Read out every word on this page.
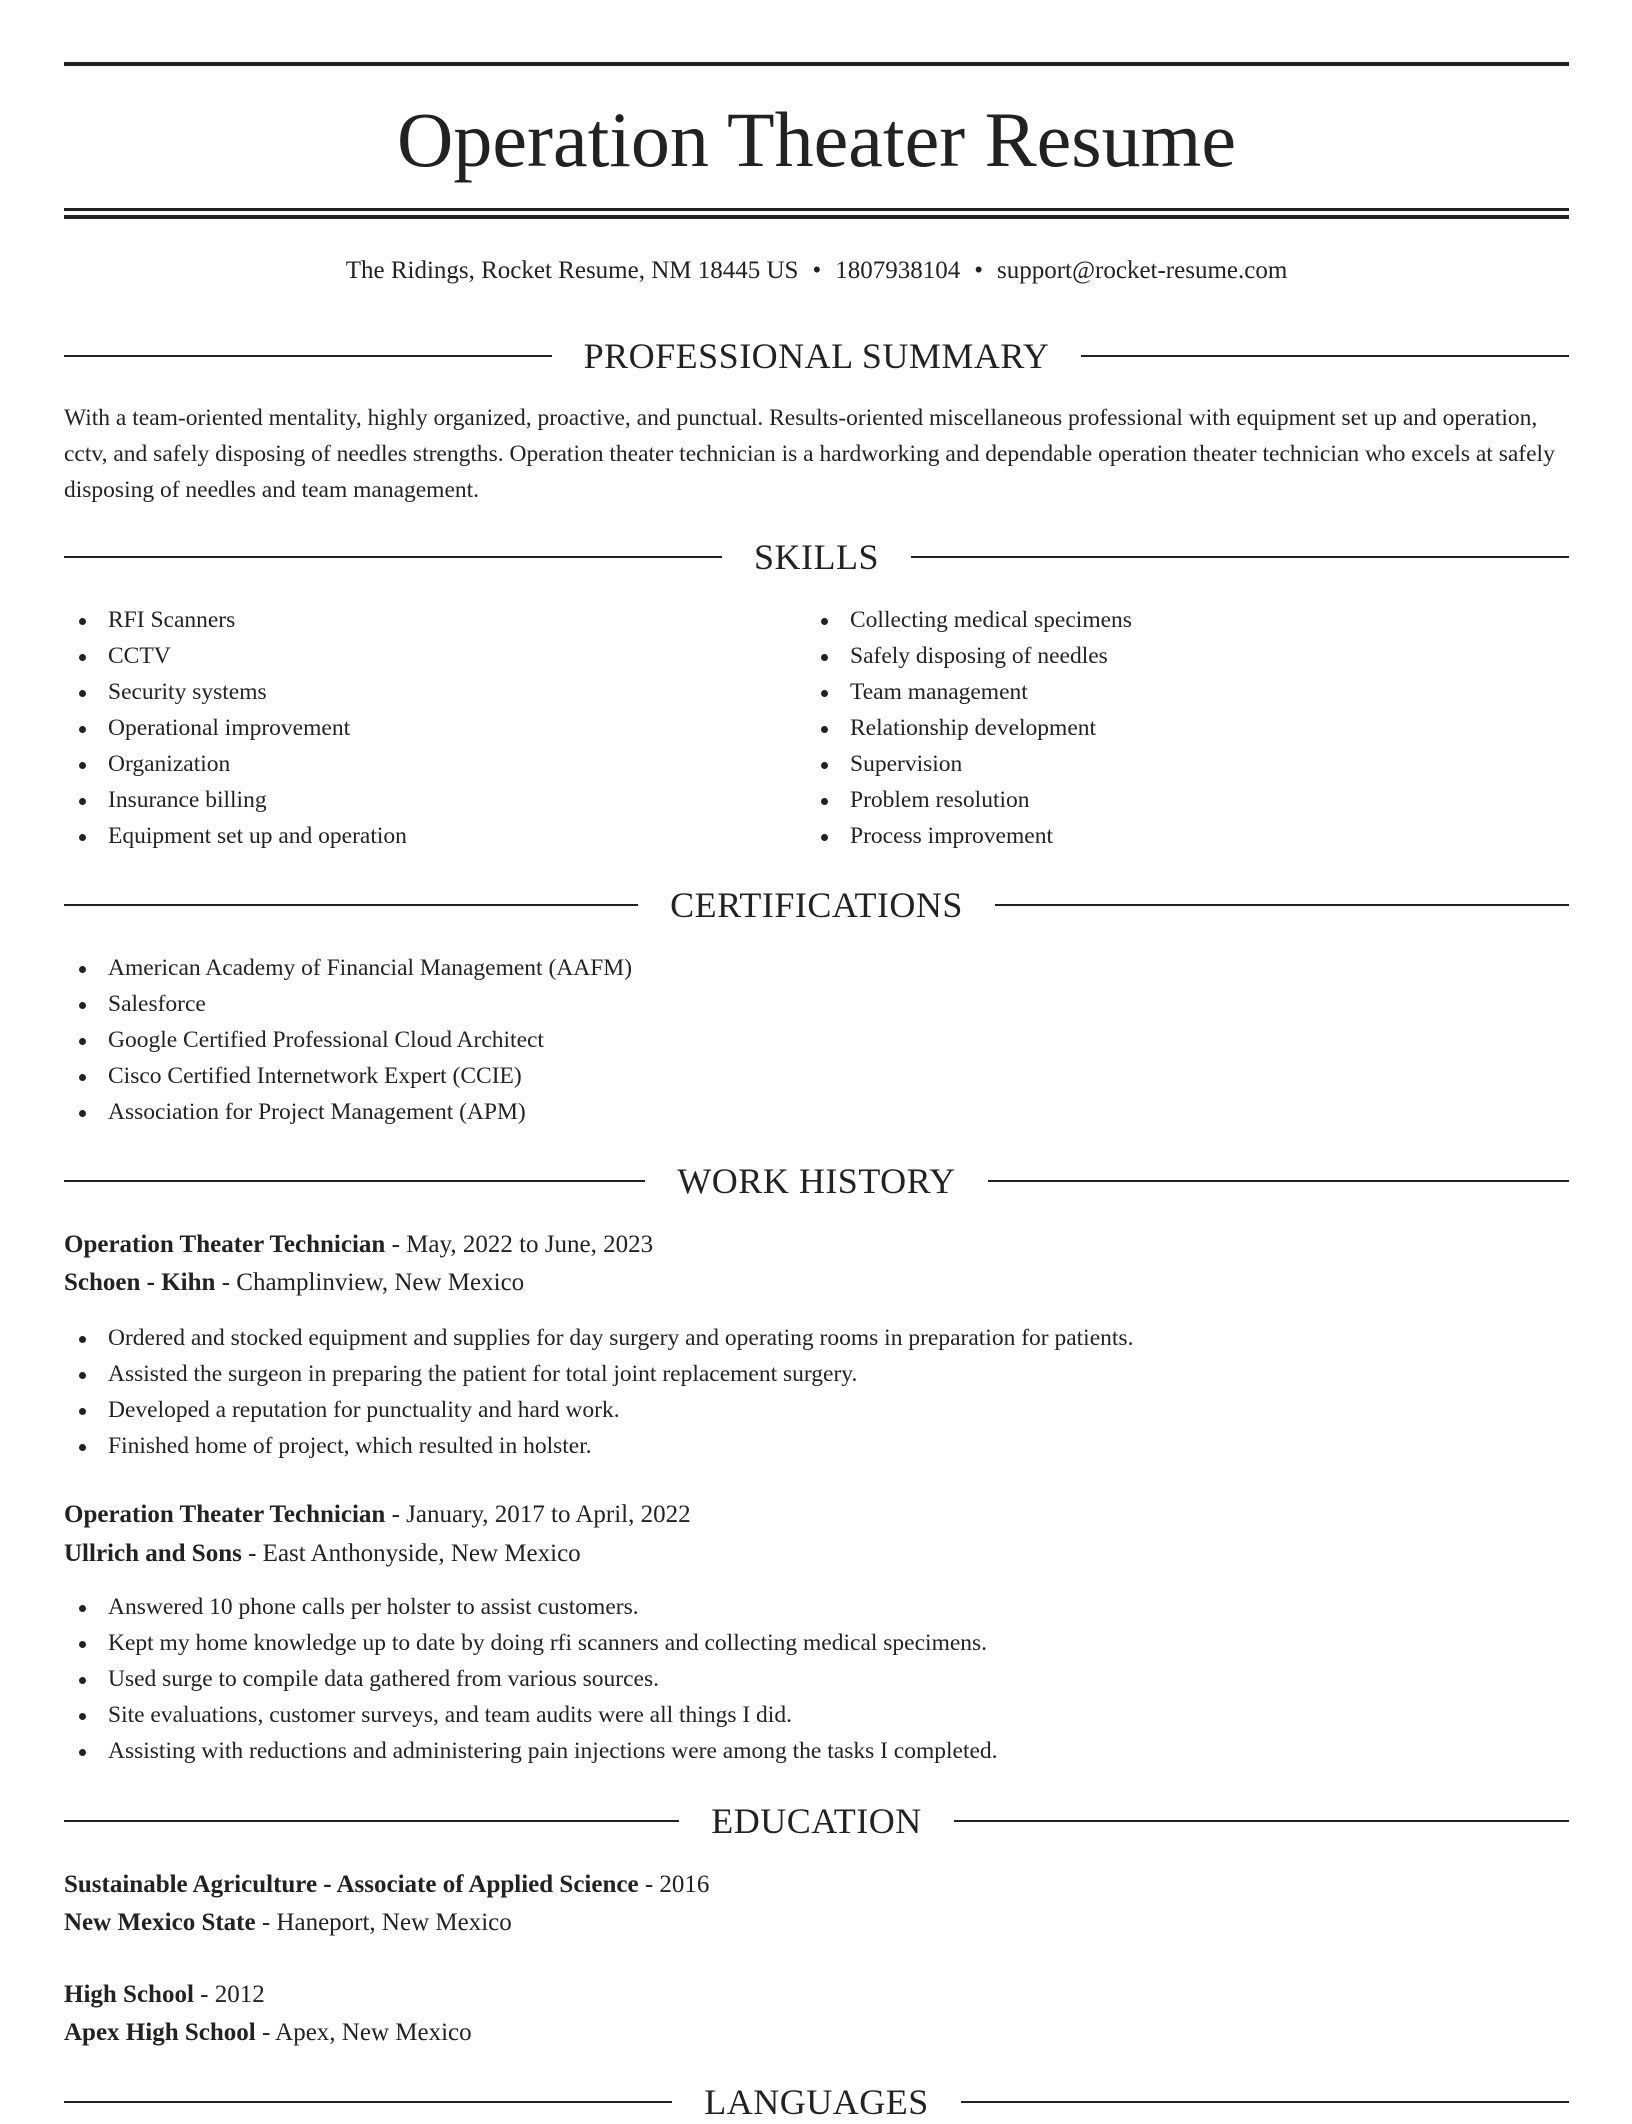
Operation Theater Resume
The Ridings, Rocket Resume, NM 18445 US • 1807938104 • support@rocket-resume.com
PROFESSIONAL SUMMARY

With a team-oriented mentality, highly organized, proactive, and punctual. Results-oriented miscellaneous professional with equipment set up and operation, cctv, and safely disposing of needles strengths. Operation theater technician is a hardworking and dependable operation theater technician who excels at safely disposing of needles and team management.

SKILLS
RFI Scanners
CCTV
Security systems
Operational improvement
Organization
Insurance billing
Equipment set up and operation
Collecting medical specimens
Safely disposing of needles
Team management
Relationship development
Supervision
Problem resolution
Process improvement
CERTIFICATIONS
American Academy of Financial Management (AAFM)
Salesforce
Google Certified Professional Cloud Architect
Cisco Certified Internetwork Expert (CCIE)
Association for Project Management (APM)
WORK HISTORY
Operation Theater Technician - May, 2022 to June, 2023
Schoen - Kihn - Champlinview, New Mexico
Ordered and stocked equipment and supplies for day surgery and operating rooms in preparation for patients.
Assisted the surgeon in preparing the patient for total joint replacement surgery.
Developed a reputation for punctuality and hard work.
Finished home of project, which resulted in holster.
Operation Theater Technician - January, 2017 to April, 2022
Ullrich and Sons - East Anthonyside, New Mexico
Answered 10 phone calls per holster to assist customers.
Kept my home knowledge up to date by doing rfi scanners and collecting medical specimens.
Used surge to compile data gathered from various sources.
Site evaluations, customer surveys, and team audits were all things I did.
Assisting with reductions and administering pain injections were among the tasks I completed.
EDUCATION
Sustainable Agriculture - Associate of Applied Science - 2016
New Mexico State - Haneport, New Mexico
High School - 2012
Apex High School - Apex, New Mexico
LANGUAGES
